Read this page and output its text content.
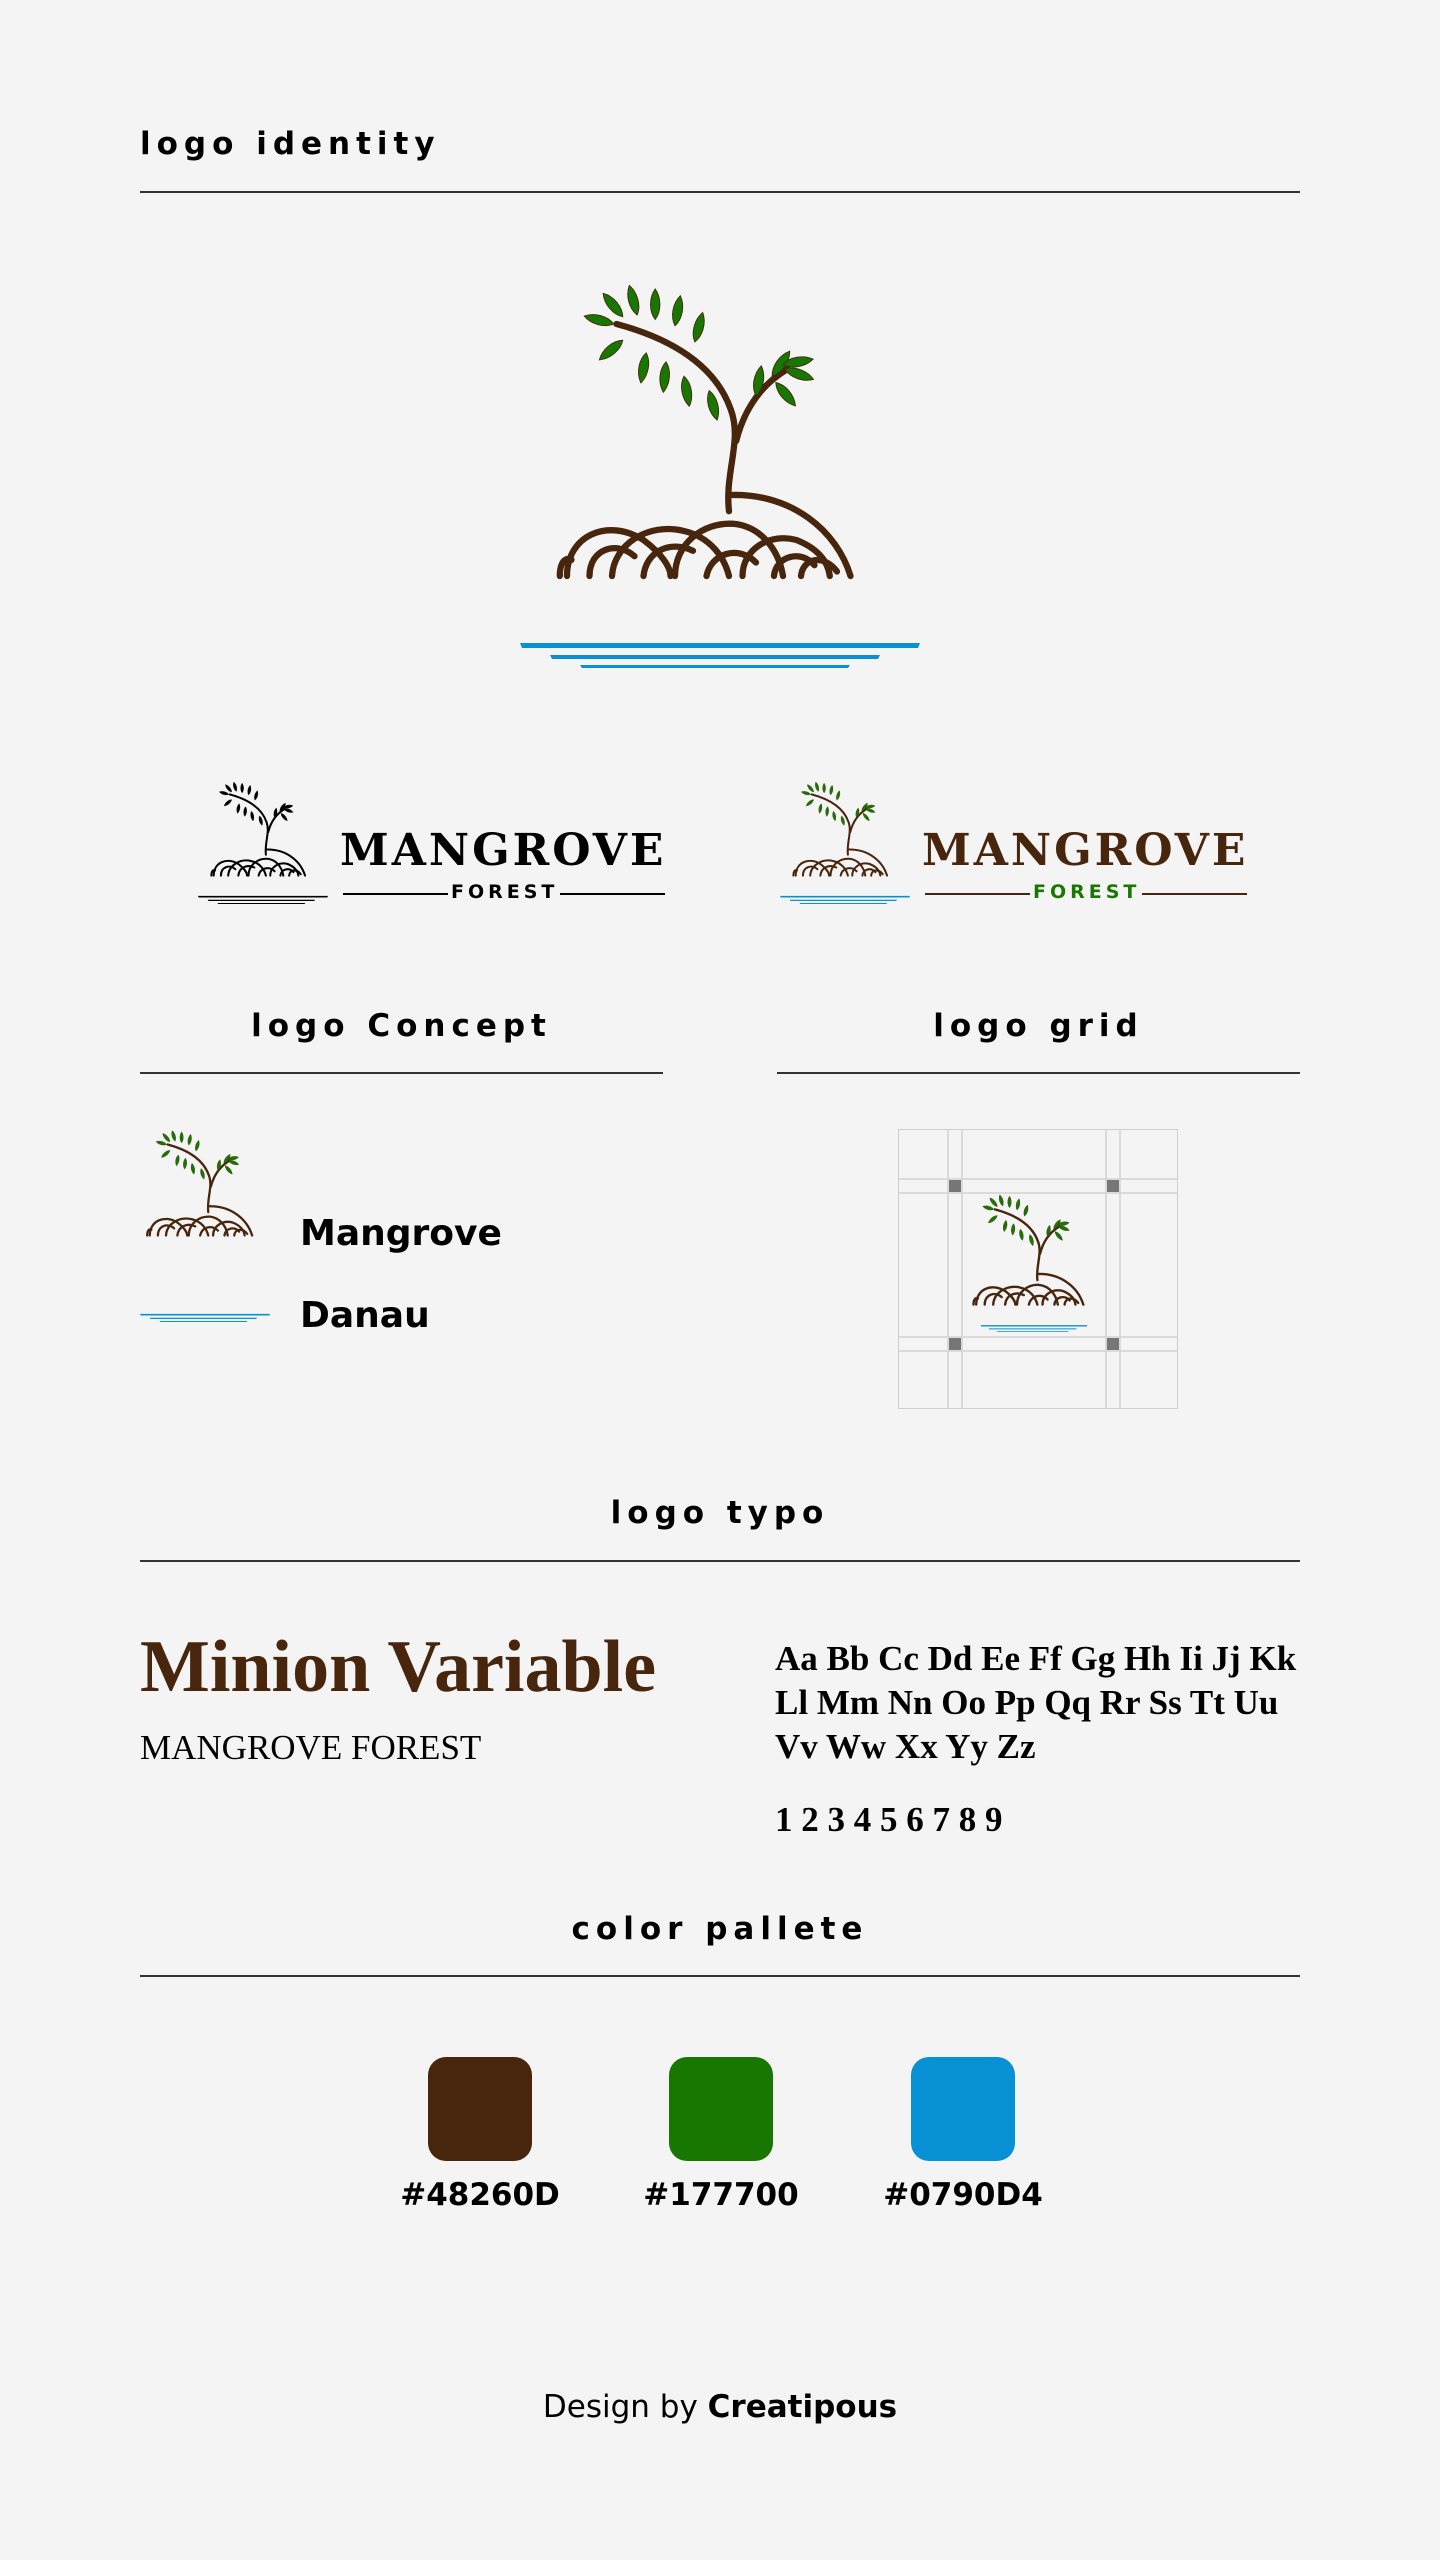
logo identity
MANGROVE
FOREST
MANGROVE
FOREST
logo Concept	logo grid
Mangrove
Danau
logo typo
Minion Variable
MANGROVE FOREST
Aa Bb Cc Dd Ee Ff Gg Hh Ii Jj Kk
Ll Mm Nn Oo Pp Qq Rr Ss Tt Uu
Vv Ww Xx Yy Zz
1 2 3 4 5 6 7 8 9
color pallete
#48260D	#177700	#0790D4
Design by Creatipous
